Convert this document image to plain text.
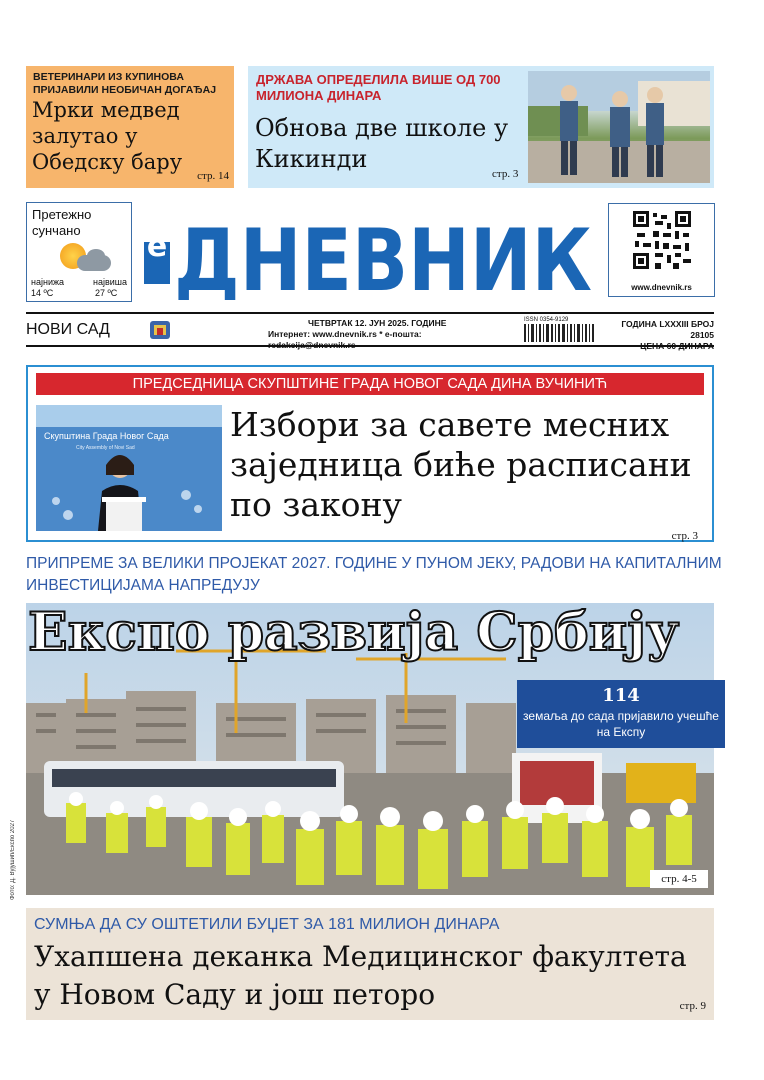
ВЕТЕРИНАРИ ИЗ КУПИНОВА ПРИЈАВИЛИ НЕОБИЧАН ДОГАЂАЈ
Мрки медвед залутао у Обедску бару
стр. 14
ДРЖАВА ОПРЕДЕЛИЛА ВИШЕ ОД 700 МИЛИОНА ДИНАРА
Обнова две школе у Кикинди
стр. 3
Претежно сунчано
најнижа
14 ºC
највиша
27 ºC
e ДНЕВНИК	www.dnevnik.rs
НОВИ САД	ЧЕТВРТАК 12. ЈУН 2025. ГОДИНЕ
Интернет: www.dnevnik.rs * е-пошта: redakcija@dnevnik.rs
ISSN 0354-9129	ГОДИНА LXXXIII БРОЈ 28105
ЦЕНА 60 ДИНАРА
ПРЕДСЕДНИЦА СКУПШТИНЕ ГРАДА НОВОГ САДА ДИНА ВУЧИНИЋ
Скупштина Града Новог Сада
City Assembly of Novi Sad
Избори за савете месних заједница биће расписани по закону
стр. 3
ПРИПРЕМЕ ЗА ВЕЛИКИ ПРОЈЕКАТ 2027. ГОДИНЕ У ПУНОМ ЈЕКУ, РАДОВИ НА КАПИТАЛНИМ ИНВЕСТИЦИЈАМА НАПРЕДУЈУ
Експо развија Србију
114
земаља до сада пријавило учешће на Експу
стр. 4-5
Фото: Д. Вујушић/Експо 2027
СУМЊА ДА СУ ОШТЕТИЛИ БУЏЕТ ЗА 181 МИЛИОН ДИНАРА
Ухапшена деканка Медицинског факултета у Новом Саду и још петоро	стр. 9
